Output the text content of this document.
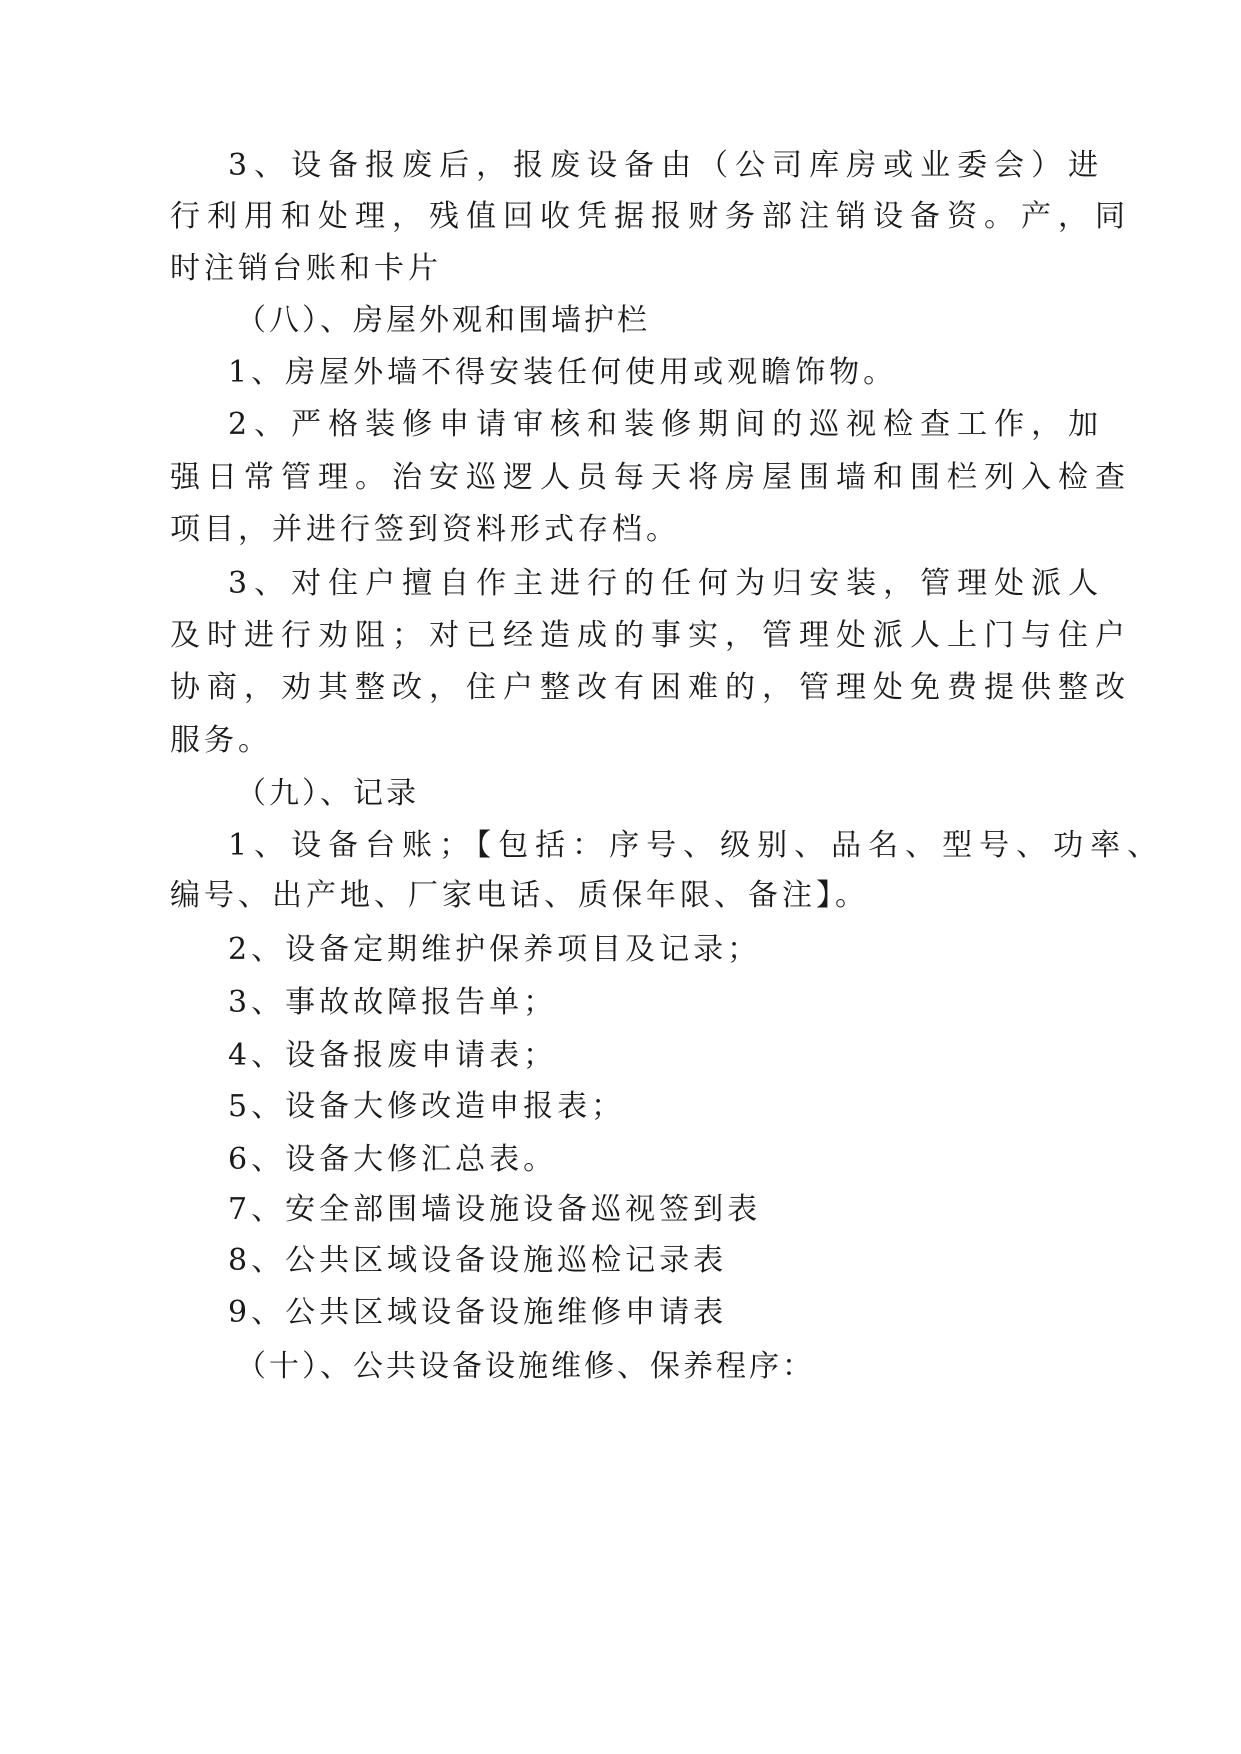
3、设备报废后，报废设备由（公司库房或业委会）进
行利用和处理，残值回收凭据报财务部注销设备资。产，同
时注销台账和卡片
（八）、房屋外观和围墙护栏
1、房屋外墙不得安装任何使用或观瞻饰物。
2、严格装修申请审核和装修期间的巡视检查工作，加
强日常管理。治安巡逻人员每天将房屋围墙和围栏列入检查
项目，并进行签到资料形式存档。
3、对住户擅自作主进行的任何为归安装，管理处派人
及时进行劝阻；对已经造成的事实，管理处派人上门与住户
协商，劝其整改，住户整改有困难的，管理处免费提供整改
服务。
（九）、记录
1、设备台账；【包括：序号、级别、品名、型号、功率、
编号、出产地、厂家电话、质保年限、备注】。
2、设备定期维护保养项目及记录；
3、事故故障报告单；
4、设备报废申请表；
5、设备大修改造申报表；
6、设备大修汇总表。
7、安全部围墙设施设备巡视签到表
8、公共区域设备设施巡检记录表
9、公共区域设备设施维修申请表
（十）、公共设备设施维修、保养程序：
